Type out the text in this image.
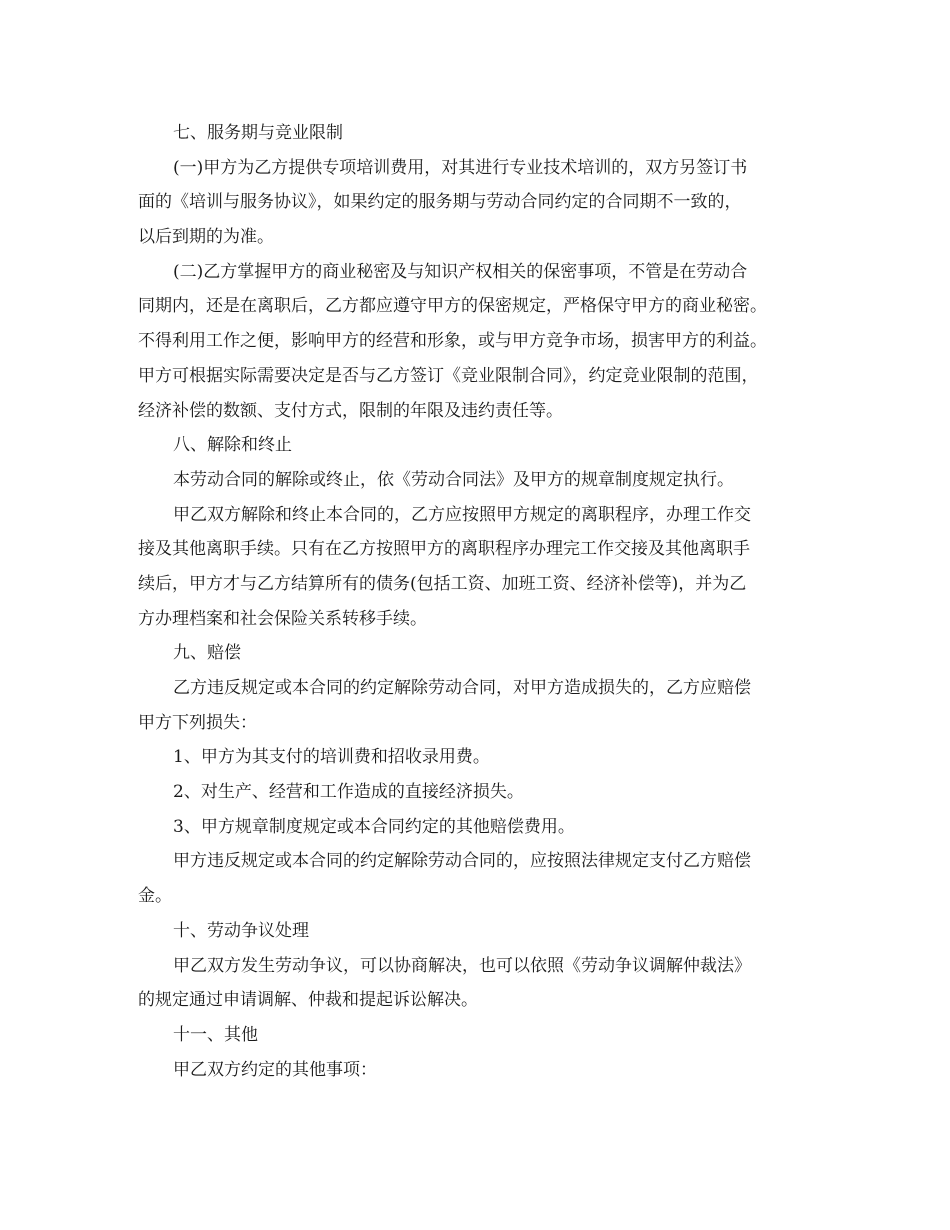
七、服务期与竞业限制
(一)甲方为乙方提供专项培训费用，对其进行专业技术培训的，双方另签订书
面的《培训与服务协议》，如果约定的服务期与劳动合同约定的合同期不一致的，
以后到期的为准。
(二)乙方掌握甲方的商业秘密及与知识产权相关的保密事项，不管是在劳动合
同期内，还是在离职后，乙方都应遵守甲方的保密规定，严格保守甲方的商业秘密。
不得利用工作之便，影响甲方的经营和形象，或与甲方竞争市场，损害甲方的利益。
甲方可根据实际需要决定是否与乙方签订《竞业限制合同》，约定竞业限制的范围，
经济补偿的数额、支付方式，限制的年限及违约责任等。
八、解除和终止
本劳动合同的解除或终止，依《劳动合同法》及甲方的规章制度规定执行。
甲乙双方解除和终止本合同的，乙方应按照甲方规定的离职程序，办理工作交
接及其他离职手续。只有在乙方按照甲方的离职程序办理完工作交接及其他离职手
续后，甲方才与乙方结算所有的债务(包括工资、加班工资、经济补偿等)，并为乙
方办理档案和社会保险关系转移手续。
九、赔偿
乙方违反规定或本合同的约定解除劳动合同，对甲方造成损失的，乙方应赔偿
甲方下列损失：
1、甲方为其支付的培训费和招收录用费。
2、对生产、经营和工作造成的直接经济损失。
3、甲方规章制度规定或本合同约定的其他赔偿费用。
甲方违反规定或本合同的约定解除劳动合同的，应按照法律规定支付乙方赔偿
金。
十、劳动争议处理
甲乙双方发生劳动争议，可以协商解决，也可以依照《劳动争议调解仲裁法》
的规定通过申请调解、仲裁和提起诉讼解决。
十一、其他
甲乙双方约定的其他事项：
